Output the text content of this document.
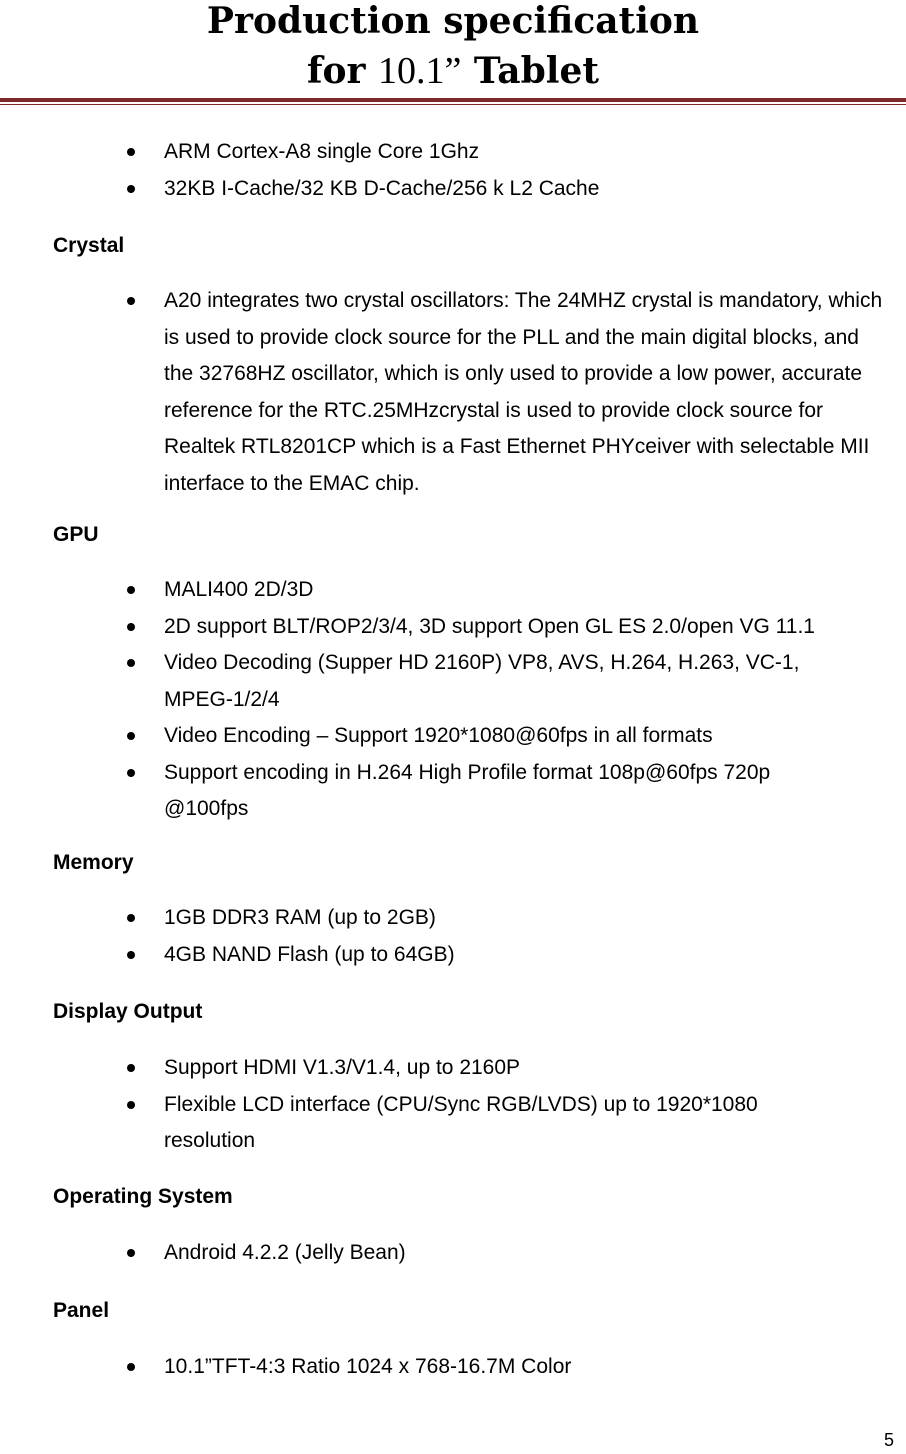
Production specification
for 10.1” Tablet
ARM Cortex-A8 single Core 1Ghz
32KB I-Cache/32 KB D-Cache/256 k L2 Cache
Crystal
A20 integrates two crystal oscillators: The 24MHZ crystal is mandatory, which is used to provide clock source for the PLL and the main digital blocks, and the 32768HZ oscillator, which is only used to provide a low power, accurate reference for the RTC.25MHzcrystal is used to provide clock source for Realtek RTL8201CP which is a Fast Ethernet PHYceiver with selectable MII interface to the EMAC chip.
GPU
MALI400 2D/3D
2D support BLT/ROP2/3/4, 3D support Open GL ES 2.0/open VG 11.1
Video Decoding (Supper HD 2160P) VP8, AVS, H.264, H.263, VC-1, MPEG-1/2/4
Video Encoding – Support 1920*1080@60fps in all formats
Support encoding in H.264 High Profile format 108p@60fps 720p @100fps
Memory
1GB DDR3 RAM (up to 2GB)
4GB NAND Flash (up to 64GB)
Display Output
Support HDMI V1.3/V1.4, up to 2160P
Flexible LCD interface (CPU/Sync RGB/LVDS) up to 1920*1080 resolution
Operating System
Android 4.2.2 (Jelly Bean)
Panel
10.1”TFT-4:3 Ratio 1024 x 768-16.7M Color
5
